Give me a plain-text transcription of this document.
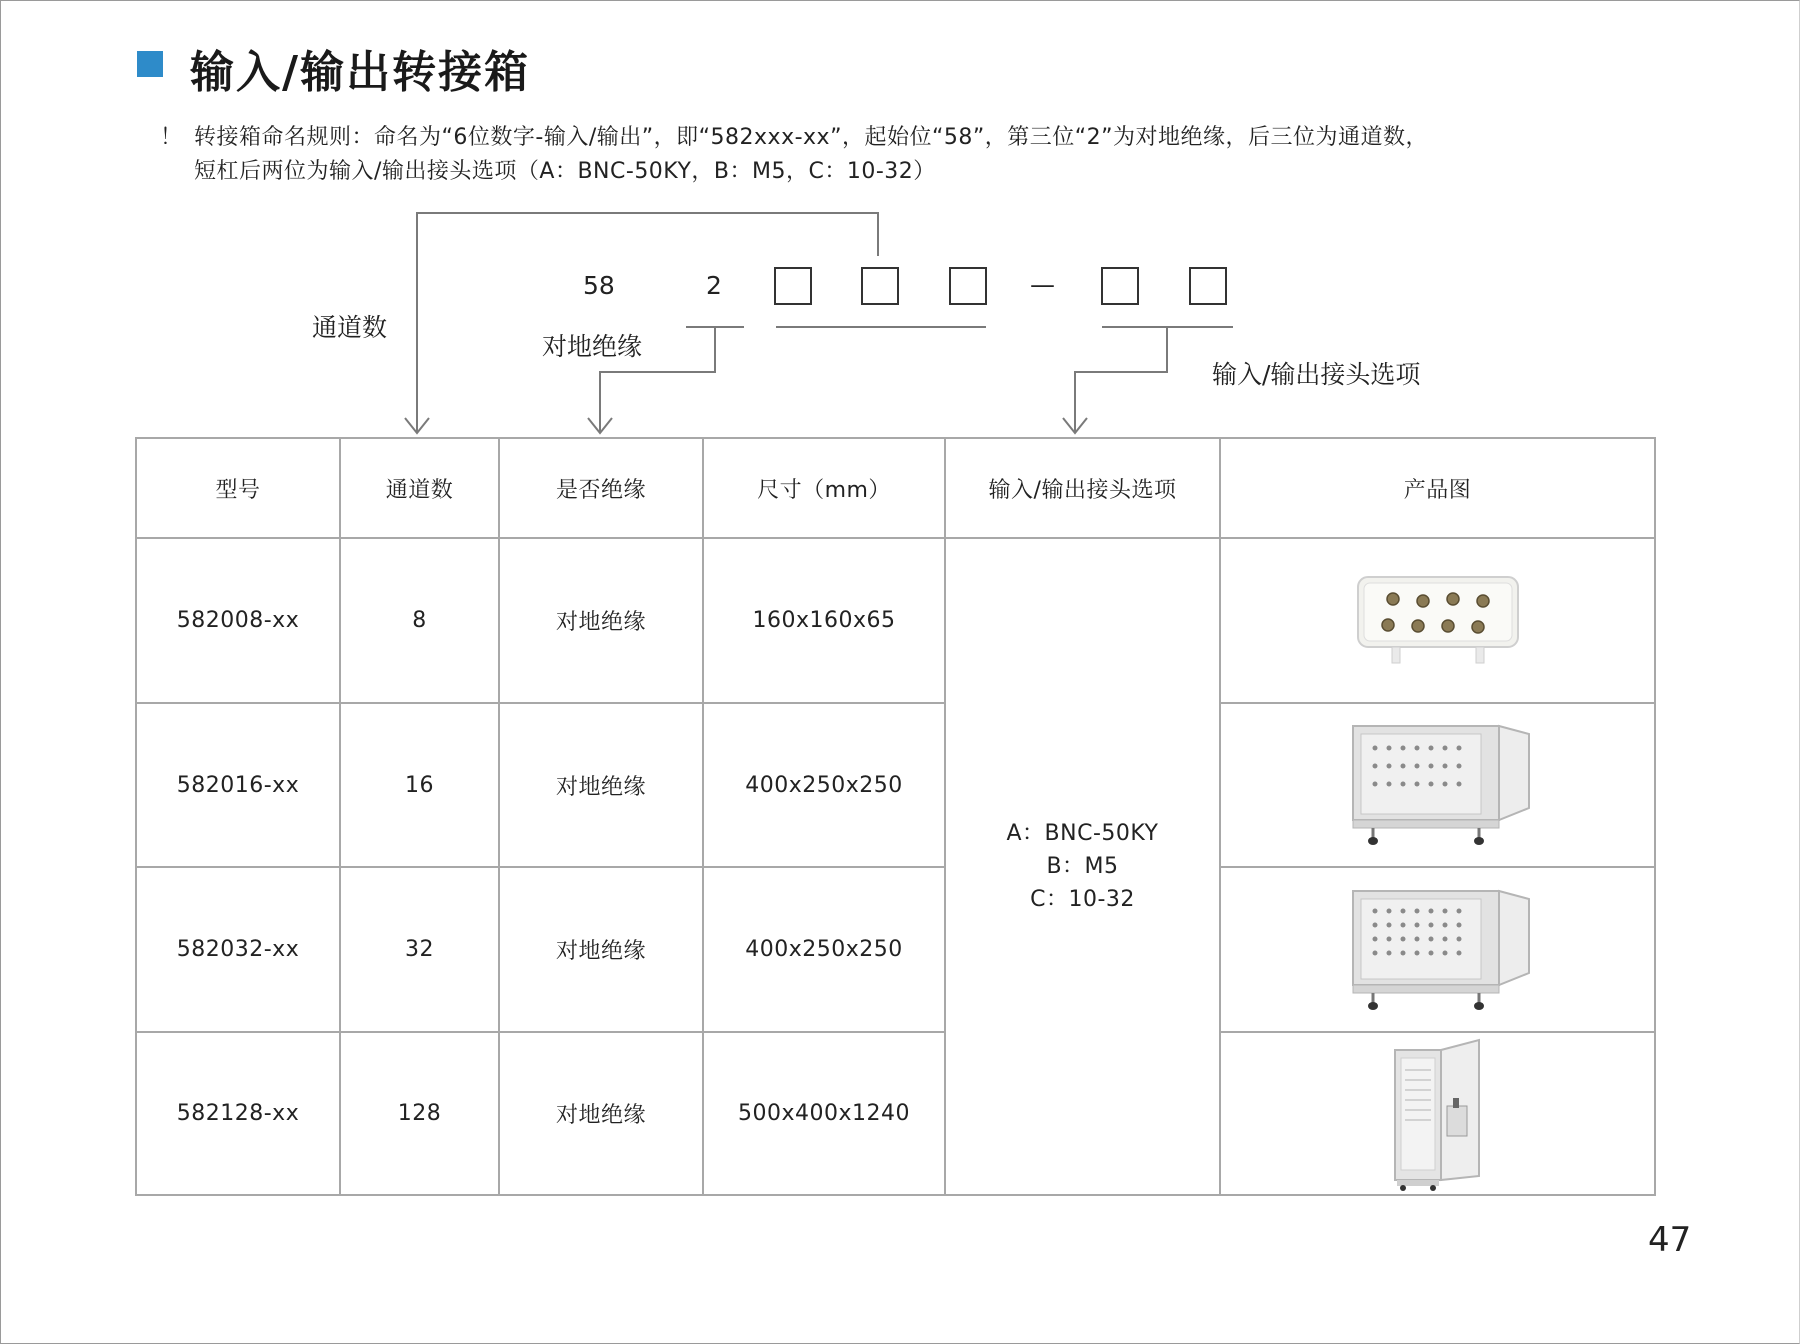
输入/输出转接箱
！ 转接箱命名规则：命名为“6位数字-输入/输出”，即“582xxx-xx”，起始位“58”，第三位“2”为对地绝缘，后三位为通道数，
短杠后两位为输入/输出接头选项（A：BNC-50KY，B：M5，C：10-32）
58	2	—
通道数
对地绝缘
输入/输出接头选项
型号	通道数	是否绝缘	尺寸（mm）	输入/输出接头选项	产品图
582008-xx	8	对地绝缘	160x160x65	A：BNC-50KY
B：M5
C：10-32

582016-xx	16	对地绝缘	400x250x250	

582032-xx	32	对地绝缘	400x250x250	

582128-xx	128	对地绝缘	500x400x1240	
47
